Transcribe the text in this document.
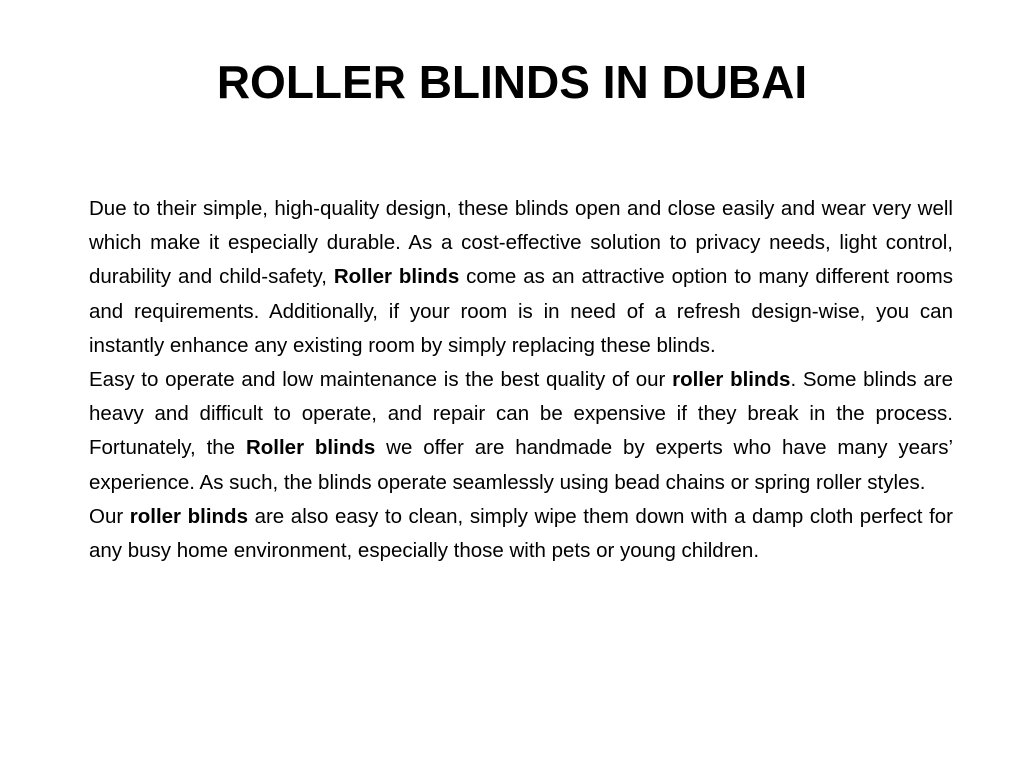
ROLLER BLINDS IN DUBAI

Due to their simple, high-quality design, these blinds open and close easily and wear very well which make it especially durable. As a cost-effective solution to privacy needs, light control, durability and child-safety, Roller blinds come as an attractive option to many different rooms and requirements. Additionally, if your room is in need of a refresh design-wise, you can instantly enhance any existing room by simply replacing these blinds.

Easy to operate and low maintenance is the best quality of our roller blinds. Some blinds are heavy and difficult to operate, and repair can be expensive if they break in the process. Fortunately, the Roller blinds we offer are handmade by experts who have many years’ experience. As such, the blinds operate seamlessly using bead chains or spring roller styles.

Our roller blinds are also easy to clean, simply wipe them down with a damp cloth perfect for any busy home environment, especially those with pets or young children.
